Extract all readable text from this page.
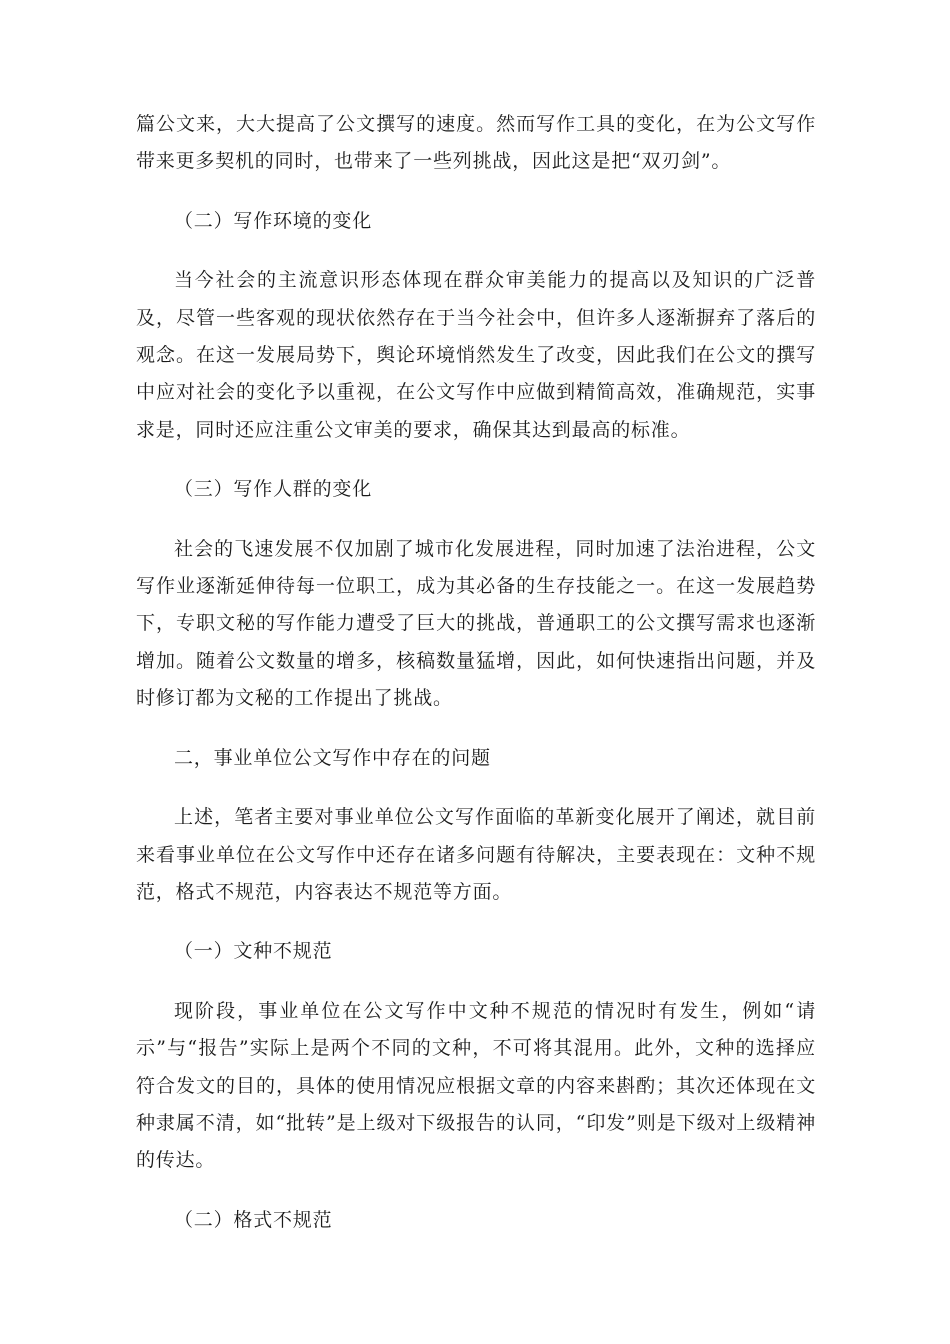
篇公文来，大大提高了公文撰写的速度。然而写作工具的变化，在为公文写作带来更多契机的同时，也带来了一些列挑战，因此这是把“双刃剑”。

（二）写作环境的变化

当今社会的主流意识形态体现在群众审美能力的提高以及知识的广泛普及，尽管一些客观的现状依然存在于当今社会中，但许多人逐渐摒弃了落后的观念。在这一发展局势下，舆论环境悄然发生了改变，因此我们在公文的撰写中应对社会的变化予以重视，在公文写作中应做到精简高效，准确规范，实事求是，同时还应注重公文审美的要求，确保其达到最高的标准。

（三）写作人群的变化

社会的飞速发展不仅加剧了城市化发展进程，同时加速了法治进程，公文写作业逐渐延伸待每一位职工，成为其必备的生存技能之一。在这一发展趋势下，专职文秘的写作能力遭受了巨大的挑战，普通职工的公文撰写需求也逐渐增加。随着公文数量的增多，核稿数量猛增，因此，如何快速指出问题，并及时修订都为文秘的工作提出了挑战。

二，事业单位公文写作中存在的问题

上述，笔者主要对事业单位公文写作面临的革新变化展开了阐述，就目前来看事业单位在公文写作中还存在诸多问题有待解决，主要表现在：文种不规范，格式不规范，内容表达不规范等方面。

（一）文种不规范

现阶段，事业单位在公文写作中文种不规范的情况时有发生，例如“请示”与“报告”实际上是两个不同的文种，不可将其混用。此外，文种的选择应符合发文的目的，具体的使用情况应根据文章的内容来斟酌；其次还体现在文种隶属不清，如“批转”是上级对下级报告的认同，“印发”则是下级对上级精神的传达。

（二）格式不规范
